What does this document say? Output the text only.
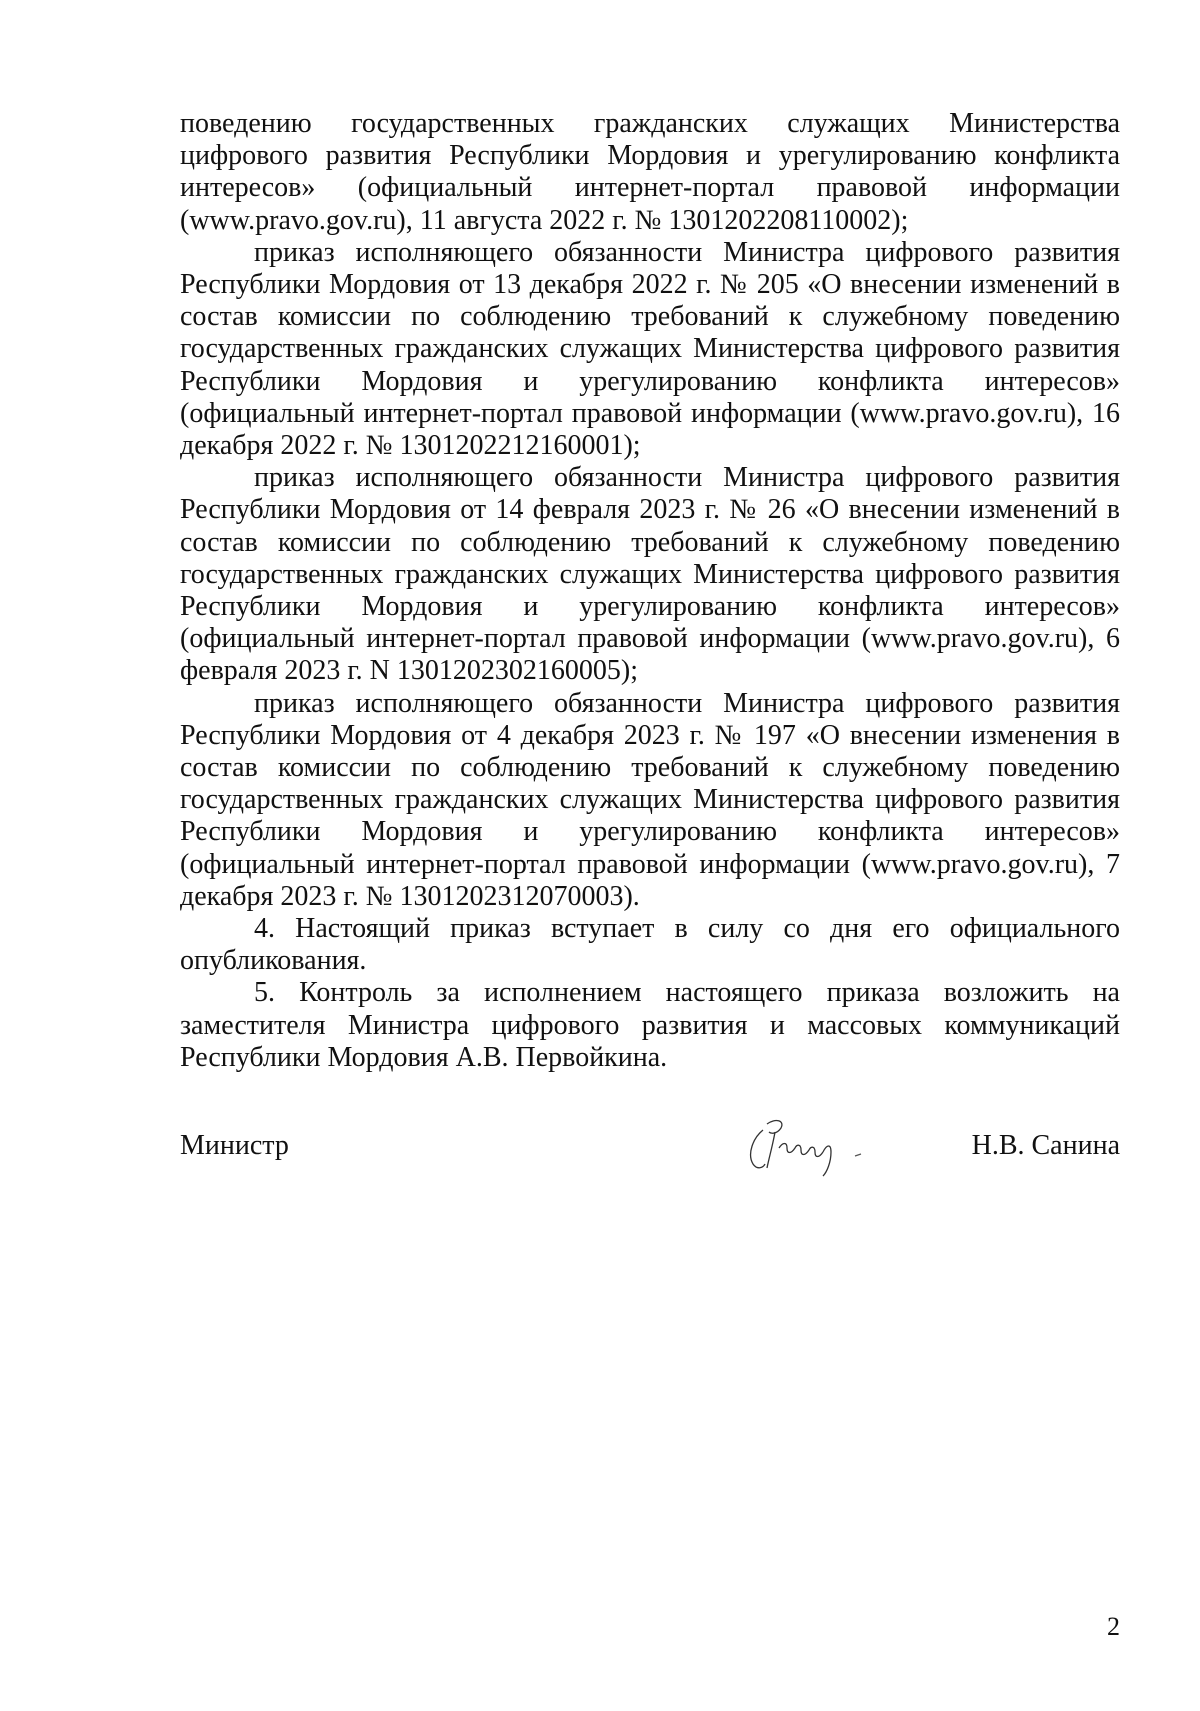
поведению государственных гражданских служащих Министерства цифрового развития Республики Мордовия и урегулированию конфликта интересов» (официальный интернет-портал правовой информации (www.pravo.gov.ru), 11 августа 2022 г. № 1301202208110002);

приказ исполняющего обязанности Министра цифрового развития Республики Мордовия от 13 декабря 2022 г. № 205 «О внесении изменений в состав комиссии по соблюдению требований к служебному поведению государственных гражданских служащих Министерства цифрового развития Республики Мордовия и урегулированию конфликта интересов» (официальный интернет-портал правовой информации (www.pravo.gov.ru), 16 декабря 2022 г. № 1301202212160001);

приказ исполняющего обязанности Министра цифрового развития Республики Мордовия от 14 февраля 2023 г. № 26 «О внесении изменений в состав комиссии по соблюдению требований к служебному поведению государственных гражданских служащих Министерства цифрового развития Республики Мордовия и урегулированию конфликта интересов» (официальный интернет-портал правовой информации (www.pravo.gov.ru), 6 февраля 2023 г. N 1301202302160005);

приказ исполняющего обязанности Министра цифрового развития Республики Мордовия от 4 декабря 2023 г. № 197 «О внесении изменения в состав комиссии по соблюдению требований к служебному поведению государственных гражданских служащих Министерства цифрового развития Республики Мордовия и урегулированию конфликта интересов» (официальный интернет-портал правовой информации (www.pravo.gov.ru), 7 декабря 2023 г. № 1301202312070003).

4. Настоящий приказ вступает в силу со дня его официального опубликования.

5. Контроль за исполнением настоящего приказа возложить на заместителя Министра цифрового развития и массовых коммуникаций Республики Мордовия А.В. Первойкина.

Министр	Н.В. Санина
2
